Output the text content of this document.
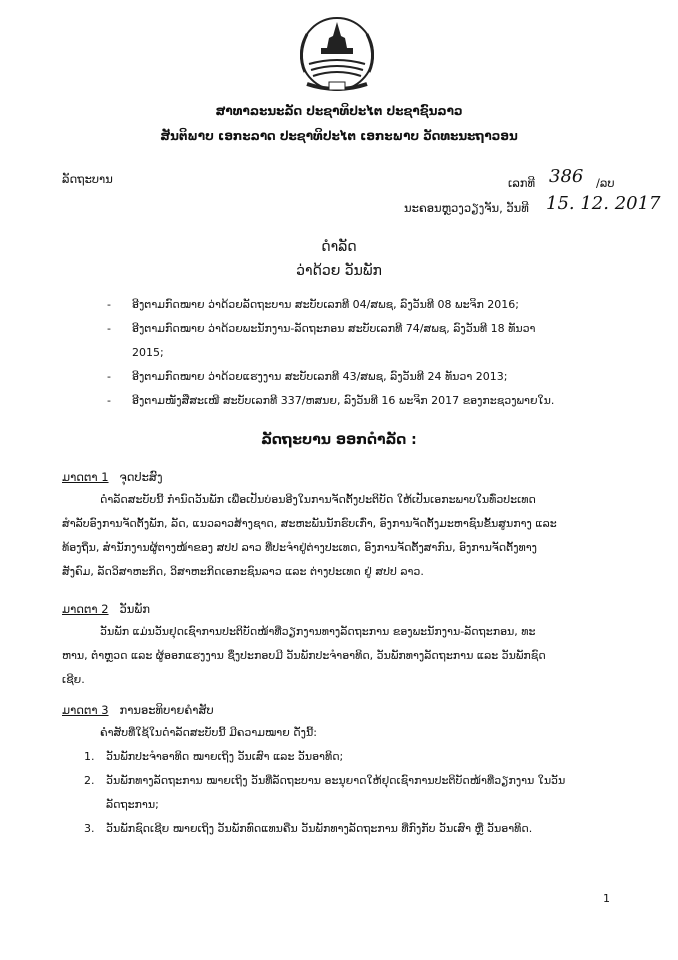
ສາທາລະນະລັດ ປະຊາທິປະໄຕ ປະຊາຊົນລາວ
ສັນຕິພາບ ເອກະລາດ ປະຊາທິປະໄຕ ເອກະພາບ ວັດທະນະຖາວອນ
ລັດຖະບານ	ເລກທີ 386 /ລບ
ນະຄອນຫຼວງວຽງຈັນ, ວັນທີ 15. 12. 2017
ດຳລັດ
ວ່າດ້ວຍ ວັນພັກ
- ອີງຕາມກົດໝາຍ ວ່າດ້ວຍລັດຖະບານ ສະບັບເລກທີ 04/ສພຊ, ລົງວັນທີ 08 ພະຈິກ 2016;
- ອີງຕາມກົດໝາຍ ວ່າດ້ວຍພະນັກງານ-ລັດຖະກອນ ສະບັບເລກທີ 74/ສພຊ, ລົງວັນທີ 18 ທັນວາ
2015;
- ອີງຕາມກົດໝາຍ ວ່າດ້ວຍແຮງງານ ສະບັບເລກທີ 43/ສພຊ, ລົງວັນທີ 24 ທັນວາ 2013;
- ອີງຕາມໜັງສືສະເໜີ ສະບັບເລກທີ 337/ຫສນຍ, ລົງວັນທີ 16 ພະຈິກ 2017 ຂອງກະຊວງພາຍໃນ.
ລັດຖະບານ ອອກດຳລັດ :
ມາດຕາ 1 ຈຸດປະສົງ
ດຳລັດສະບັບນີ້ ກຳນົດວັນພັກ ເພື່ອເປັນບ່ອນອີງໃນການຈັດຕັ້ງປະຕິບັດ ໃຫ້ເປັນເອກະພາບໃນທົ່ວປະເທດ
ສຳລັບອົງການຈັດຕັ້ງພັກ, ລັດ, ແນວລາວສ້າງຊາດ, ສະຫະພັນນັກຮົບເກົ່າ, ອົງການຈັດຕັ້ງມະຫາຊົນຂັ້ນສູນກາງ ແລະ
ທ້ອງຖິ່ນ, ສຳນັກງານຜູ້ຕາງໜ້າຂອງ ສປປ ລາວ ທີ່ປະຈຳຢູ່ຕ່າງປະເທດ, ອົງການຈັດຕັ້ງສາກົນ, ອົງການຈັດຕັ້ງທາງ
ສັງຄົມ, ລັດວິສາຫະກິດ, ວິສາຫະກິດເອກະຊົນລາວ ແລະ ຕ່າງປະເທດ ຢູ່ ສປປ ລາວ.
ມາດຕາ 2 ວັນພັກ
ວັນພັກ ແມ່ນວັນຢຸດເຊົາການປະຕິບັດໜ້າທີ່ວຽກງານທາງລັດຖະການ ຂອງພະນັກງານ-ລັດຖະກອນ, ທະ
ຫານ, ຕຳຫຼວດ ແລະ ຜູ້ອອກແຮງງານ ຊຶ່ງປະກອບມີ ວັນພັກປະຈຳອາທິດ, ວັນພັກທາງລັດຖະການ ແລະ ວັນພັກຊົດ
ເຊີຍ.
ມາດຕາ 3 ການອະທິບາຍຄຳສັບ
ຄຳສັບທີ່ໃຊ້ໃນດຳລັດສະບັບນີ້ ມີຄວາມໝາຍ ດັ່ງນີ້:
1. ວັນພັກປະຈຳອາທິດ ໝາຍເຖິງ ວັນເສົາ ແລະ ວັນອາທິດ;
2. ວັນພັກທາງລັດຖະການ ໝາຍເຖິງ ວັນທີ່ລັດຖະບານ ອະນຸຍາດໃຫ້ຢຸດເຊົາການປະຕິບັດໜ້າທີ່ວຽກງານ ໃນວັນ
ລັດຖະການ;
3. ວັນພັກຊົດເຊີຍ ໝາຍເຖິງ ວັນພັກທົດແທນຄືນ ວັນພັກທາງລັດຖະການ ທີ່ກົງກັບ ວັນເສົາ ຫຼື ວັນອາທິດ.
1
